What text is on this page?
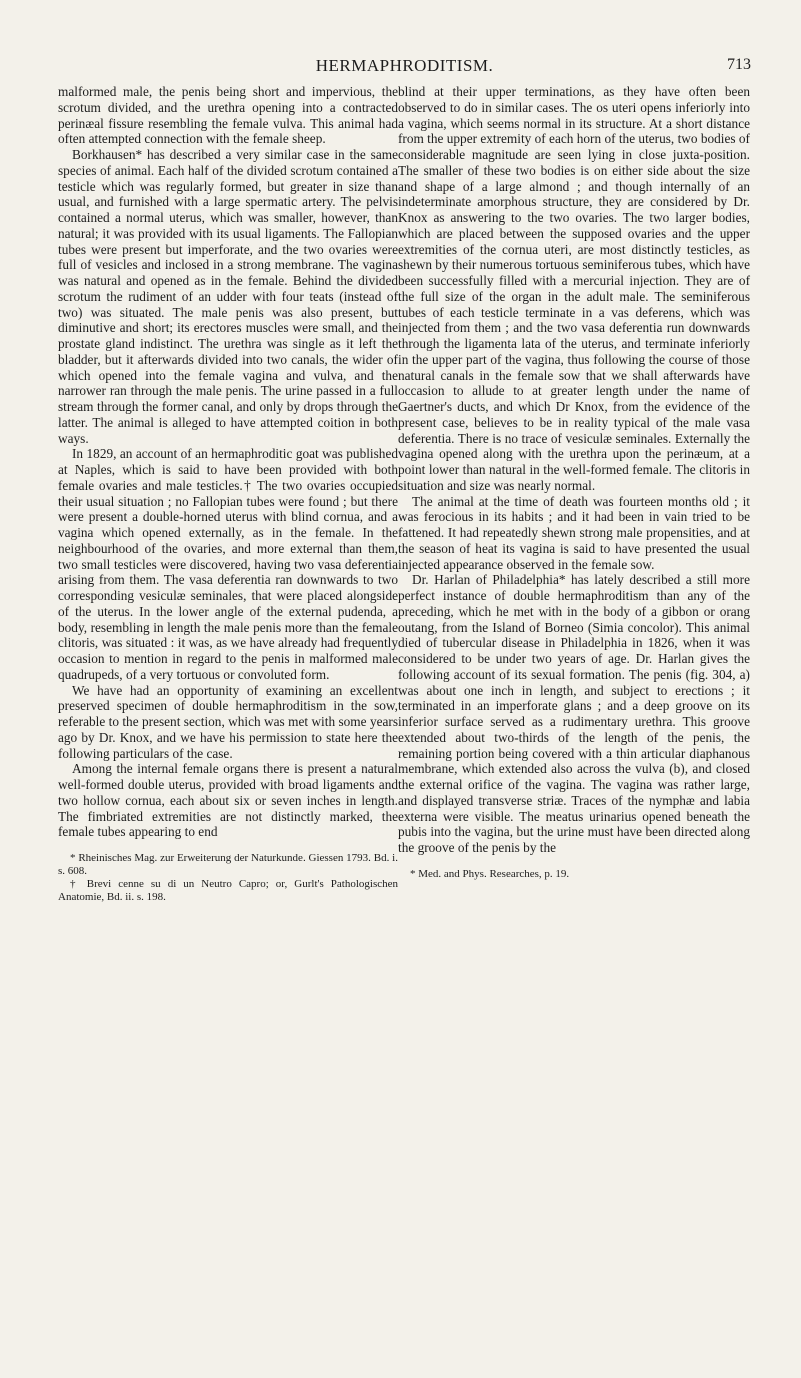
HERMAPHRODITISM.	713

malformed male, the penis being short and impervious, the scrotum divided, and the urethra opening into a contracted perinæal fissure resembling the female vulva. This animal had often attempted connection with the female sheep.

Borkhausen* has described a very similar case in the same species of animal. Each half of the divided scrotum contained a testicle which was regularly formed, but greater in size than usual, and furnished with a large spermatic artery. The pelvis contained a normal uterus, which was smaller, however, than natural; it was provided with its usual ligaments. The Fallopian tubes were present but imperforate, and the two ovaries were full of vesicles and inclosed in a strong membrane. The vagina was natural and opened as in the female. Behind the divided scrotum the rudiment of an udder with four teats (instead of two) was situated. The male penis was also present, but diminutive and short; its erectores muscles were small, and the prostate gland indistinct. The urethra was single as it left the bladder, but it afterwards divided into two canals, the wider of which opened into the female vagina and vulva, and the narrower ran through the male penis. The urine passed in a full stream through the former canal, and only by drops through the latter. The animal is alleged to have attempted coition in both ways.

In 1829, an account of an hermaphroditic goat was published at Naples, which is said to have been provided with both female ovaries and male testicles.† The two ovaries occupied their usual situation ; no Fallopian tubes were found ; but there were present a double-horned uterus with blind cornua, and a vagina which opened externally, as in the female. In the neighbourhood of the ovaries, and more external than them, two small testicles were discovered, having two vasa deferentia arising from them. The vasa deferentia ran downwards to two corresponding vesiculæ seminales, that were placed alongside of the uterus. In the lower angle of the external pudenda, a body, resembling in length the male penis more than the female clitoris, was situated : it was, as we have already had frequently occasion to mention in regard to the penis in malformed male quadrupeds, of a very tortuous or convoluted form.

We have had an opportunity of examining an excellent preserved specimen of double hermaphroditism in the sow, referable to the present section, which was met with some years ago by Dr. Knox, and we have his permission to state here the following particulars of the case.

Among the internal female organs there is present a natural well-formed double uterus, provided with broad ligaments and two hollow cornua, each about six or seven inches in length. The fimbriated extremities are not distinctly marked, the female tubes appearing to end

* Rheinisches Mag. zur Erweiterung der Naturkunde. Giessen 1793. Bd. i. s. 608.

† Brevi cenne su di un Neutro Capro; or, Gurlt's Pathologischen Anatomie, Bd. ii. s. 198.

blind at their upper terminations, as they have often been observed to do in similar cases. The os uteri opens inferiorly into a vagina, which seems normal in its structure. At a short distance from the upper extremity of each horn of the uterus, two bodies of considerable magnitude are seen lying in close juxta-position. The smaller of these two bodies is on either side about the size and shape of a large almond ; and though internally of an indeterminate amorphous structure, they are considered by Dr. Knox as answering to the two ovaries. The two larger bodies, which are placed between the supposed ovaries and the upper extremities of the cornua uteri, are most distinctly testicles, as shewn by their numerous tortuous seminiferous tubes, which have been successfully filled with a mercurial injection. They are of the full size of the organ in the adult male. The seminiferous tubes of each testicle terminate in a vas deferens, which was injected from them ; and the two vasa deferentia run downwards through the ligamenta lata of the uterus, and terminate inferiorly in the upper part of the vagina, thus following the course of those natural canals in the female sow that we shall afterwards have occasion to allude to at greater length under the name of Gaertner's ducts, and which Dr Knox, from the evidence of the present case, believes to be in reality typical of the male vasa deferentia. There is no trace of vesiculæ seminales. Externally the vagina opened along with the urethra upon the perinæum, at a point lower than natural in the well-formed female. The clitoris in situation and size was nearly normal.

The animal at the time of death was fourteen months old ; it was ferocious in its habits ; and it had been in vain tried to be fattened. It had repeatedly shewn strong male propensities, and at the season of heat its vagina is said to have presented the usual injected appearance observed in the female sow.

Dr. Harlan of Philadelphia* has lately described a still more perfect instance of double hermaphroditism than any of the preceding, which he met with in the body of a gibbon or orang outang, from the Island of Borneo (Simia concolor). This animal died of tubercular disease in Philadelphia in 1826, when it was considered to be under two years of age. Dr. Harlan gives the following account of its sexual formation. The penis (fig. 304, a) was about one inch in length, and subject to erections ; it terminated in an imperforate glans ; and a deep groove on its inferior surface served as a rudimentary urethra. This groove extended about two-thirds of the length of the penis, the remaining portion being covered with a thin articular diaphanous membrane, which extended also across the vulva (b), and closed the external orifice of the vagina. The vagina was rather large, and displayed transverse striæ. Traces of the nymphæ and labia externa were visible. The meatus urinarius opened beneath the pubis into the vagina, but the urine must have been directed along the groove of the penis by the

* Med. and Phys. Researches, p. 19.
